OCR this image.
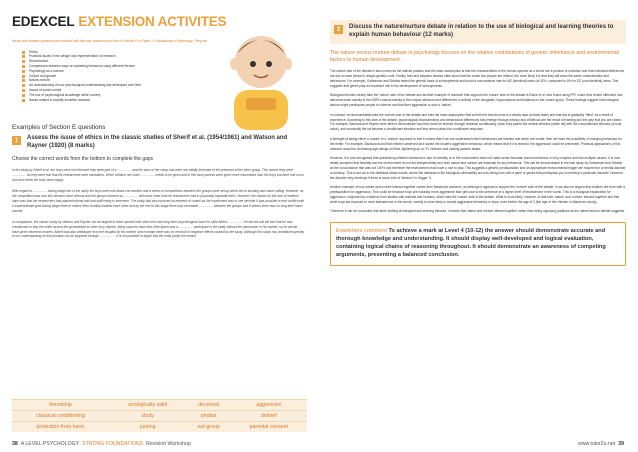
EDEXCEL EXTENSION ACTIVITES
Issues and debates questions are included with the topic questions and also in Section E of Paper 1: Foundations in Psychology. They are:
Ethics
Practical issues in the design and implementation of research
Reductionism
Comparisons between ways of explaining behaviour using different themes
Psychology as a science
Culture and gender
Nature-nurture
An understanding of how psychological understanding has developed over time
Issues of social control
The use of psychological knowledge within society
Issues related to socially sensitive research
Examples of Section E questions
1	Assess the issue of ethics in the classic studies of Sherif et al. (1954/1961) and Watson and Rayner (1920) (8 marks)
Choose the correct words from the bottom to complete the gaps

In the study by Sherif et al. the boys were not informed they were part of a ................ and the aims of the camp and were not initially informed of the presence of the other group. This means they were ................ as they were told that the researchers were caretakers. When children are used ................ needs to be given and in this case parents were given more information than the boys but were told not to visit and check the boys were happy.

With regard to ................ during stage two of the study the boys were told about one another and a series of competitions between the groups were set up which led to taunting and name-calling. However, as the competition was won this became more serious and the groups became so ................ with each other that the researchers had to physically separate them. However, the reason for the lack of extreme harm was that the researchers had planned ahead and had staff ready to intervene. The study had also involved an element of control as the experiment was to see whether it was possible to end conflict with a superordinate goal during stage three to reduce their hostility towards each other and by the end of this stage there was increased ................ between the groups and it seems there was no long-term harm caused.

In comparison, the classic study by Watson and Rayner can be argued to have caused both short-term and long-term psychological harm for Little Albert................ . He did not suit the fact that he was conditioned to fear the white rat and this generalised to other furry objects. Many sources claim that Little Albert was a ................ participant in the study without the permission of his mother, so he should have given informed consent. Albert was also withdrawn from the hospital by his mother, which meant there was no removal of negative effects caused by the study. Although this study has contributed greatly to our understanding of how phobias can be acquired through ................ , it is not possible to argue that the ends justify the means.

friendship	ecologically valid	deceived	aggressive
classical conditioning	study	phobia	debrief
protection from harm	pairing	out-group	parental consent
38 A LEVEL PSYCHOLOGY STRONG FOUNDATIONS Revision Workshop
2	Discuss the nature/nurture debate in relation to the use of biological and learning theories to explain human behaviour (12 marks)
The nature versus nurture debate in psychology focuses on the relative contributions of genetic inheritance and environmental factors to human development.

The nature side of the debate is also known as the nativist position and the basic assumption is that the characteristics of the human species as a whole are a product of evolution and that individual differences are due to each person's unique genetic code. Family, twin and adoption studies often show that the closer two people are related, the more likely it is that they will show the same characteristics and behaviours. For example, Gottesman and Shields tested the genetic basis of schizophrenia and found a concordance rate for MZ (identical) twins (of 42%, compared to 9% for DZ (non-identical) twins. This suggests that genes play an important role in the development of schizophrenia.

Biological theories clearly take the 'nature' side of the debate and another example of research that supports the 'nature' side of the debate is Raine et al. who found using PET scans that violent offenders had abnormal brain activity in the NGRI nucleus activity in the corpus callosum and differences in activity of the amygdala, hippocampus and thalamus to the control group. These findings suggest that biological factors might predispose people to violence and that their aggression is due to 'nature'.

In contrast, environmentalists take the nurture side of the debate and hold the basic assumption that at birth the human mind is a tabula rasa (a blank slate) and that this is gradually "filled" as a result of experience. According to this side of the debate, psychological characteristics and behavioural differences that emerge through infancy and childhood are the result of learning and the way that you are raised. For example, Bandura and Rayner were able to demonstrate how fear could be learned through classical conditioning, when they paired the neutral stimulus (white rat) with the unconditioned stimulus (a loud noise), and eventually the rat became a conditioned stimulus and fear when paired the conditioned response.

A strength of taking either a 'nature' or a 'nurture' approach is that it means that if we can understand which behaviours are learned and which are innate, then we have the possibility of changing behaviour for the better. For example, Bandura found that children observed and copied the model's aggressive behaviour, which means that if it is learned, the aggression could be prevented. Practical applications of this research would be increasing age ratings on films, tightening up on TV violence and making parents aware.

However, it is now recognised that questioning whether behaviour is due to heredity or to the environment does not make sense because human behaviour is very complex and has multiple causes. It is now widely accepted that heredity and the environment do not act independently and both nature and nurture are essential for any behaviour. This can be demonstrated in the twin study by Gottesman and Shields as the concordance rate was not 100% and therefore the environment must have a role to play. This suggests a genetic predisposition and an appropriate environmental trigger are required for a mental disorder to develop. This is set out in the diathesis-stress model, where the diathesis is the biological vulnerability such as being born with a gene or genes that predispose you to develop a particular disorder. However, the disorder only develops if there is some kind of 'stressor' to 'trigger' it.

Another example of how nature and nurture interact together comes from Bandura's research, as although it appears to support the 'nurture' side of the debate, it can also be argued that children are born with a predisposition for aggression. This could be because boys are naturally more aggressive than girls due to the presence of a higher level of testosterone in the womb. This is a biological explanation for aggression, supported by evidence from studies with animals and humans, which take the 'nature' side of the debate. What is more likely, however, is that both 'nature' and 'nurture' interact together and that while boys are exposed to more testosterone in the womb, society is more likely to accept aggressive behaviour in boys, even before the age of 3 (the age of the children in Bandura's study).

Therefore it can be concluded that when looking at biological and learning theories, it seems that nature and nurture interact together rather than being opposing positions as the nature/nurture debate suggests.

Examiners comment To achieve a mark at Level 4 (10-12) the answer should demonstrate accurate and thorough knowledge and understanding. It should display well-developed and logical evaluation, containing logical chains of reasoning throughout. It should demonstrate an awareness of competing arguments, presenting a balanced conclusion.
www.tutor2u.net 39
